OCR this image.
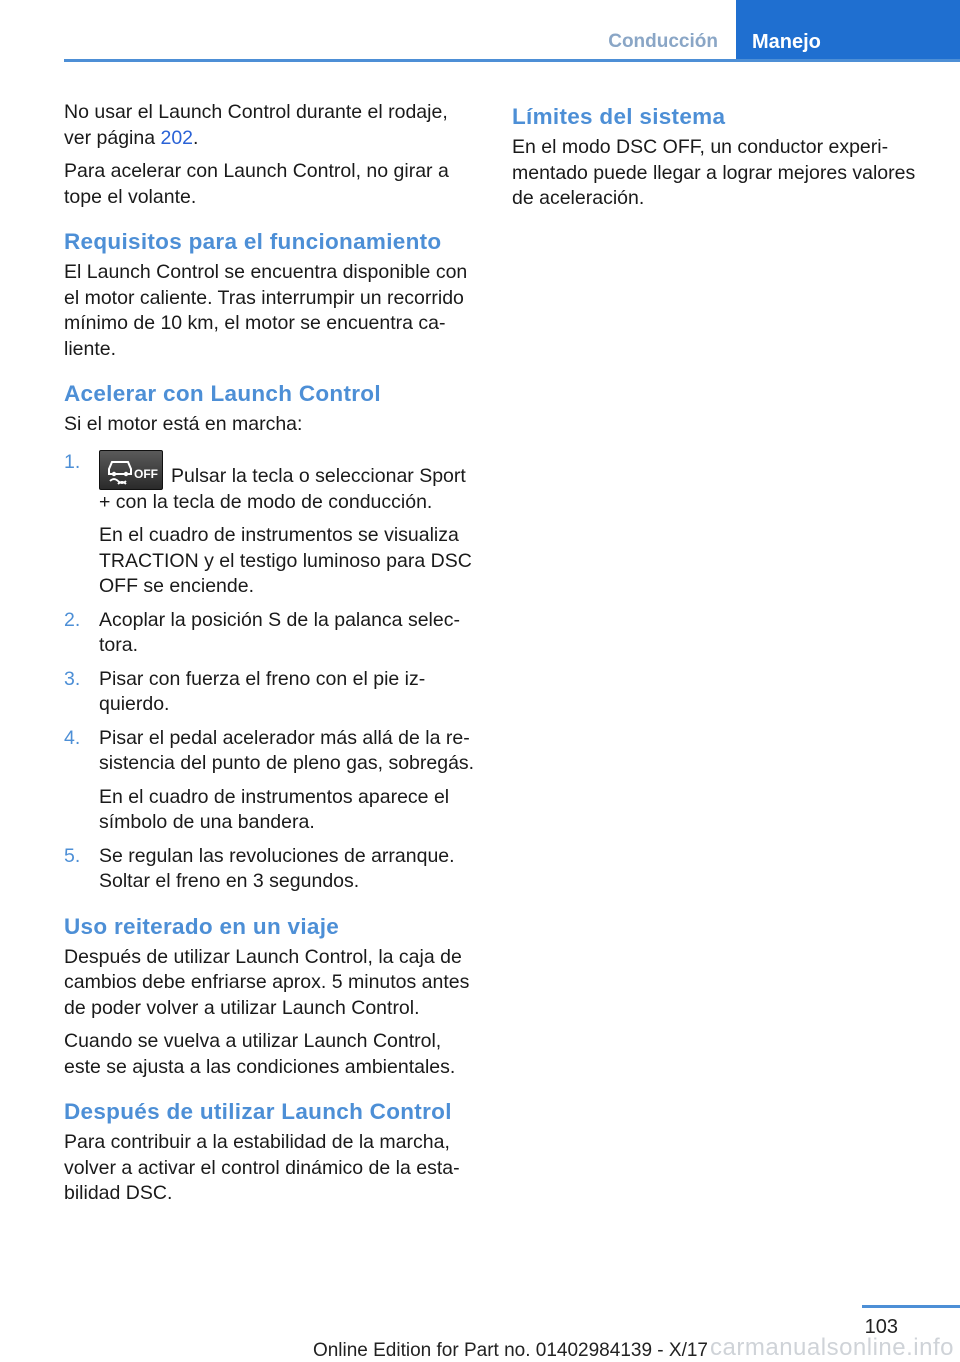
Conducción	Manejo

No usar el Launch Control durante el rodaje, ver página 202.

Para acelerar con Launch Control, no girar a tope el volante.

Requisitos para el funcionamiento

El Launch Control se encuentra disponible con el motor caliente. Tras interrumpir un recorrido mínimo de 10 km, el motor se encuentra caliente.

Acelerar con Launch Control

Si el motor está en marcha:

1.

OFF Pulsar la tecla o seleccionar Sport + con la tecla de modo de conducción.

En el cuadro de instrumentos se visualiza TRACTION y el testigo luminoso para DSC OFF se enciende.

2. Acoplar la posición S de la palanca selectora.

3. Pisar con fuerza el freno con el pie izquierdo.

4. Pisar el pedal acelerador más allá de la resistencia del punto de pleno gas, sobregás.

En el cuadro de instrumentos aparece el símbolo de una bandera.

5. Se regulan las revoluciones de arranque. Soltar el freno en 3 segundos.

Uso reiterado en un viaje

Después de utilizar Launch Control, la caja de cambios debe enfriarse aprox. 5 minutos antes de poder volver a utilizar Launch Control.

Cuando se vuelva a utilizar Launch Control, este se ajusta a las condiciones ambientales.

Después de utilizar Launch Control

Para contribuir a la estabilidad de la marcha, volver a activar el control dinámico de la estabilidad DSC.

Límites del sistema

En el modo DSC OFF, un conductor experimentado puede llegar a lograr mejores valores de aceleración.

103
carmanualsonline.info
Online Edition for Part no. 01402984139 - X/17
